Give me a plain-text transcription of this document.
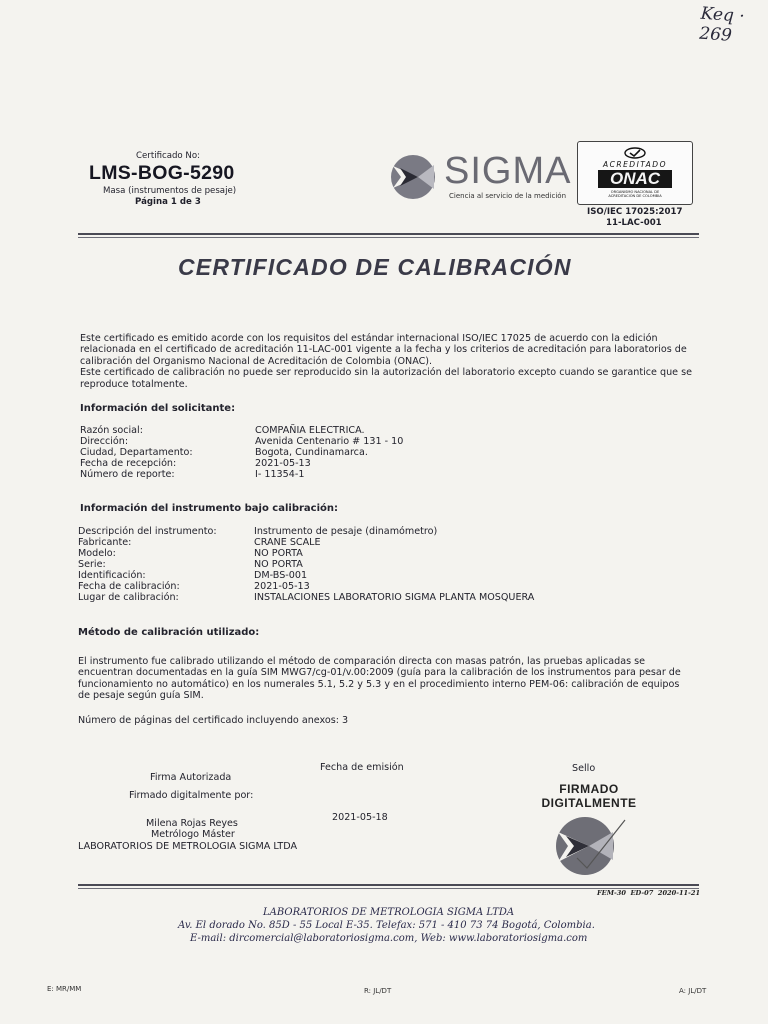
Keq · 269
Certificado No:
LMS-BOG-5290
Masa (instrumentos de pesaje)
Página 1 de 3
SIGMA
Ciencia al servicio de la medición
ACREDITADO
ONAC
ORGANISMO NACIONAL DE ACREDITACIÓN DE COLOMBIA
ISO/IEC 17025:2017
11-LAC-001
CERTIFICADO DE CALIBRACIÓN
Este certificado es emitido acorde con los requisitos del estándar internacional ISO/IEC 17025 de acuerdo con la edición
relacionada en el certificado de acreditación 11-LAC-001 vigente a la fecha y los criterios de acreditación para laboratorios de
calibración del Organismo Nacional de Acreditación de Colombia (ONAC).
Este certificado de calibración no puede ser reproducido sin la autorización del laboratorio excepto cuando se garantice que se
reproduce totalmente.
Información del solicitante:
Razón social:	COMPAÑIA ELECTRICA.
Dirección:	Avenida Centenario # 131 - 10
Ciudad, Departamento:	Bogota, Cundinamarca.
Fecha de recepción:	2021-05-13
Número de reporte:	I- 11354-1
Información del instrumento bajo calibración:
Descripción del instrumento:	Instrumento de pesaje (dinamómetro)
Fabricante:	CRANE SCALE
Modelo:	NO PORTA
Serie:	NO PORTA
Identificación:	DM-BS-001
Fecha de calibración:	2021-05-13
Lugar de calibración:	INSTALACIONES LABORATORIO SIGMA PLANTA MOSQUERA
Método de calibración utilizado:
El instrumento fue calibrado utilizando el método de comparación directa con masas patrón, las pruebas aplicadas se
encuentran documentadas en la guía SIM MWG7/cg-01/v.00:2009 (guía para la calibración de los instrumentos para pesar de
funcionamiento no automático) en los numerales 5.1, 5.2 y 5.3 y en el procedimiento interno PEM-06: calibración de equipos
de pesaje según guía SIM.
Número de páginas del certificado incluyendo anexos: 3
Fecha de emisión	Sello
Firma Autorizada
Firmado digitalmente por:
2021-05-18
Milena Rojas Reyes
Metrólogo Máster
LABORATORIOS DE METROLOGIA SIGMA LTDA
FIRMADO
DIGITALMENTE
FEM-30  ED-07  2020-11-21
LABORATORIOS DE METROLOGIA SIGMA LTDA
Av. El dorado No. 85D - 55 Local E-35. Telefax: 571 - 410 73 74 Bogotá, Colombia.
E-mail: dircomercial@laboratoriosigma.com, Web: www.laboratoriosigma.com
E: MR/MM	R: JL/DT	A: JL/DT
